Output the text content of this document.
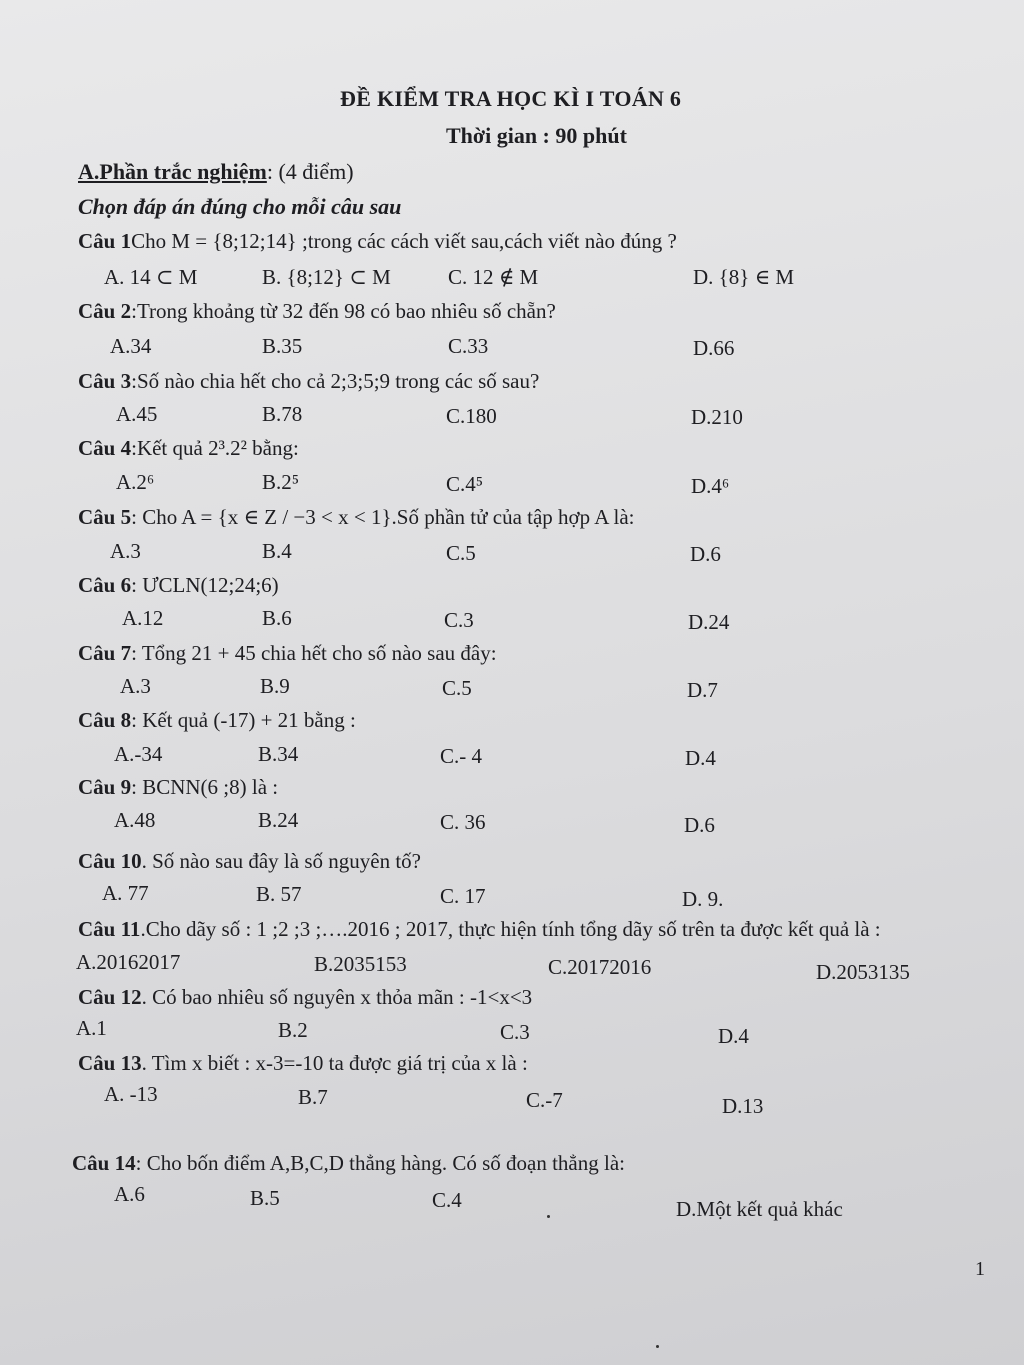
ĐỀ KIỂM TRA HỌC KÌ I TOÁN 6
Thời gian : 90 phút
A.Phần trắc nghiệm: (4 điểm)
Chọn đáp án đúng cho mỗi câu sau
Câu 1Cho M = {8;12;14} ;trong các cách viết sau,cách viết nào đúng ?
A. 14 ⊂ M	B. {8;12} ⊂ M	C. 12 ∉ M	D. {8} ∈ M
Câu 2:Trong khoảng từ 32 đến 98 có bao nhiêu số chẵn?
A.34	B.35	C.33	D.66
Câu 3:Số nào chia hết cho cả 2;3;5;9 trong các số sau?
A.45	B.78	C.180	D.210
Câu 4:Kết quả 2³.2² bằng:
A.2⁶	B.2⁵	C.4⁵	D.4⁶
Câu 5: Cho A = {x ∈ Z / −3 < x < 1}.Số phần tử của tập hợp A là:
A.3	B.4	C.5	D.6
Câu 6: ƯCLN(12;24;6)
A.12	B.6	C.3	D.24
Câu 7: Tổng 21 + 45 chia hết cho số nào sau đây:
A.3	B.9	C.5	D.7
Câu 8: Kết quả (-17) + 21 bằng :
A.-34	B.34	C.- 4	D.4
Câu 9: BCNN(6 ;8) là :
A.48	B.24	C. 36	D.6
Câu 10. Số nào sau đây là số nguyên tố?
A. 77	B. 57	C. 17	D. 9.
Câu 11.Cho dãy số : 1 ;2 ;3 ;….2016 ; 2017, thực hiện tính tổng dãy số trên ta được kết quả là :
A.20162017	B.2035153	C.20172016	D.2053135
Câu 12. Có bao nhiêu số nguyên x thỏa mãn : -1<x<3
A.1	B.2	C.3	D.4
Câu 13. Tìm x biết : x-3=-10 ta được giá trị của x là :
A. -13	B.7	C.-7	D.13
Câu 14: Cho bốn điểm A,B,C,D thẳng hàng. Có số đoạn thẳng là:
A.6	B.5	C.4	D.Một kết quả khác
1
